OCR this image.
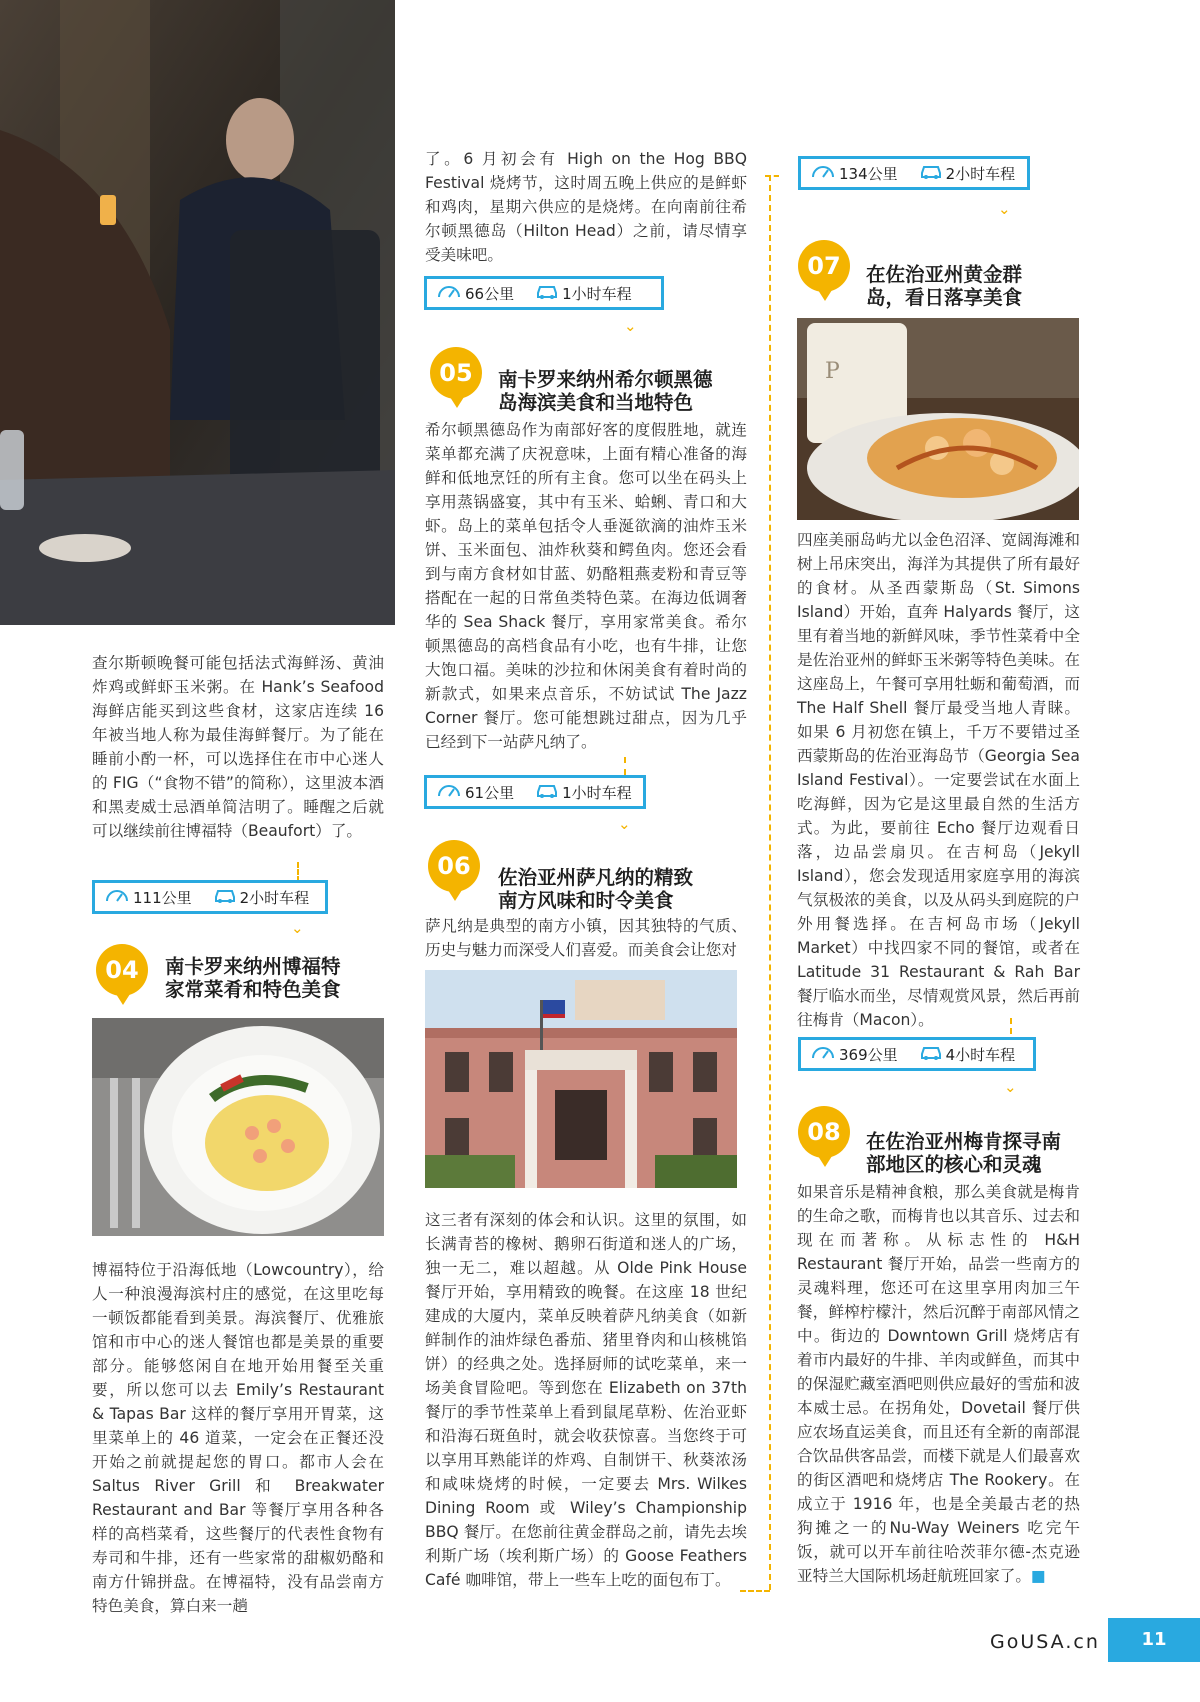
查尔斯顿晚餐可能包括法式海鲜汤、黄油炸鸡或鲜虾玉米粥。在 Hank’s Seafood 海鲜店能买到这些食材，这家店连续 16 年被当地人称为最佳海鲜餐厅。为了能在睡前小酌一杯，可以选择住在市中心迷人的 FIG（“食物不错”的简称），这里波本酒和黑麦威士忌酒单简洁明了。睡醒之后就可以继续前往博福特（Beaufort）了。

111公里	2小时车程
⌄
04	南卡罗来纳州博福特
家常菜肴和特色美食

博福特位于沿海低地（Lowcountry），给人一种浪漫海滨村庄的感觉，在这里吃每一顿饭都能看到美景。海滨餐厅、优雅旅馆和市中心的迷人餐馆也都是美景的重要部分。能够悠闲自在地开始用餐至关重要，所以您可以去 Emily’s Restaurant & Tapas Bar 这样的餐厅享用开胃菜，这里菜单上的 46 道菜，一定会在正餐还没开始之前就提起您的胃口。都市人会在 Saltus River Grill 和 Breakwater Restaurant and Bar 等餐厅享用各种各样的高档菜肴，这些餐厅的代表性食物有寿司和牛排，还有一些家常的甜椒奶酪和南方什锦拼盘。在博福特，没有品尝南方特色美食，算白来一趟

了。6 月初会有 High on the Hog BBQ Festival 烧烤节，这时周五晚上供应的是鲜虾和鸡肉，星期六供应的是烧烤。在向南前往希尔顿黑德岛（Hilton Head）之前，请尽情享受美味吧。

66公里	1小时车程
⌄
05	南卡罗来纳州希尔顿黑德
岛海滨美食和当地特色

希尔顿黑德岛作为南部好客的度假胜地，就连菜单都充满了庆祝意味，上面有精心准备的海鲜和低地烹饪的所有主食。您可以坐在码头上享用蒸锅盛宴，其中有玉米、蛤蜊、青口和大虾。岛上的菜单包括令人垂涎欲滴的油炸玉米饼、玉米面包、油炸秋葵和鳄鱼肉。您还会看到与南方食材如甘蓝、奶酪粗燕麦粉和青豆等搭配在一起的日常鱼类特色菜。在海边低调奢华的 Sea Shack 餐厅，享用家常美食。希尔顿黑德岛的高档食品有小吃，也有牛排，让您大饱口福。美味的沙拉和休闲美食有着时尚的新款式，如果来点音乐，不妨试试 The Jazz Corner 餐厅。您可能想跳过甜点，因为几乎已经到下一站萨凡纳了。

61公里	1小时车程
⌄
06	佐治亚州萨凡纳的精致
南方风味和时令美食

萨凡纳是典型的南方小镇，因其独特的气质、历史与魅力而深受人们喜爱。而美食会让您对

这三者有深刻的体会和认识。这里的氛围，如长满青苔的橡树、鹅卵石街道和迷人的广场，独一无二，难以超越。从 Olde Pink House 餐厅开始，享用精致的晚餐。在这座 18 世纪建成的大厦内，菜单反映着萨凡纳美食（如新鲜制作的油炸绿色番茄、猪里脊肉和山核桃馅饼）的经典之处。选择厨师的试吃菜单，来一场美食冒险吧。等到您在 Elizabeth on 37th 餐厅的季节性菜单上看到鼠尾草粉、佐治亚虾和沿海石斑鱼时，就会收获惊喜。当您终于可以享用耳熟能详的炸鸡、自制饼干、秋葵浓汤和咸味烧烤的时候，一定要去 Mrs. Wilkes Dining Room 或 Wiley’s Championship BBQ 餐厅。在您前往黄金群岛之前，请先去埃利斯广场（埃利斯广场）的 Goose Feathers Café 咖啡馆，带上一些车上吃的面包布丁。

134公里	2小时车程
⌄
07	在佐治亚州黄金群
岛，看日落享美食
P

四座美丽岛屿尤以金色沼泽、宽阔海滩和树上吊床突出，海洋为其提供了所有最好的食材。从圣西蒙斯岛（St. Simons Island）开始，直奔 Halyards 餐厅，这里有着当地的新鲜风味，季节性菜肴中全是佐治亚州的鲜虾玉米粥等特色美味。在这座岛上，午餐可享用牡蛎和葡萄酒，而 The Half Shell 餐厅最受当地人青睐。如果 6 月初您在镇上，千万不要错过圣西蒙斯岛的佐治亚海岛节（Georgia Sea Island Festival）。一定要尝试在水面上吃海鲜，因为它是这里最自然的生活方式。为此，要前往 Echo 餐厅边观看日落，边品尝扇贝。在吉柯岛（Jekyll Island），您会发现适用家庭享用的海滨气氛极浓的美食，以及从码头到庭院的户外用餐选择。在吉柯岛市场（Jekyll Market）中找四家不同的餐馆，或者在 Latitude 31 Restaurant & Rah Bar 餐厅临水而坐，尽情观赏风景，然后再前往梅肯（Macon）。

369公里	4小时车程
⌄
08	在佐治亚州梅肯探寻南
部地区的核心和灵魂

如果音乐是精神食粮，那么美食就是梅肯的生命之歌，而梅肯也以其音乐、过去和现在而著称。从标志性的 H&H Restaurant 餐厅开始，品尝一些南方的灵魂料理，您还可在这里享用肉加三午餐，鲜榨柠檬汁，然后沉醉于南部风情之中。街边的 Downtown Grill 烧烤店有着市内最好的牛排、羊肉或鲜鱼，而其中的保湿贮藏室酒吧则供应最好的雪茄和波本威士忌。在拐角处，Dovetail 餐厅供应农场直运美食，而且还有全新的南部混合饮品供客品尝，而楼下就是人们最喜欢的街区酒吧和烧烤店 The Rookery。在成立于 1916 年，也是全美最古老的热狗摊之一的Nu-Way Weiners 吃完午饭，就可以开车前往哈茨菲尔德-杰克逊亚特兰大国际机场赶航班回家了。■

GoUSA.cn	11
